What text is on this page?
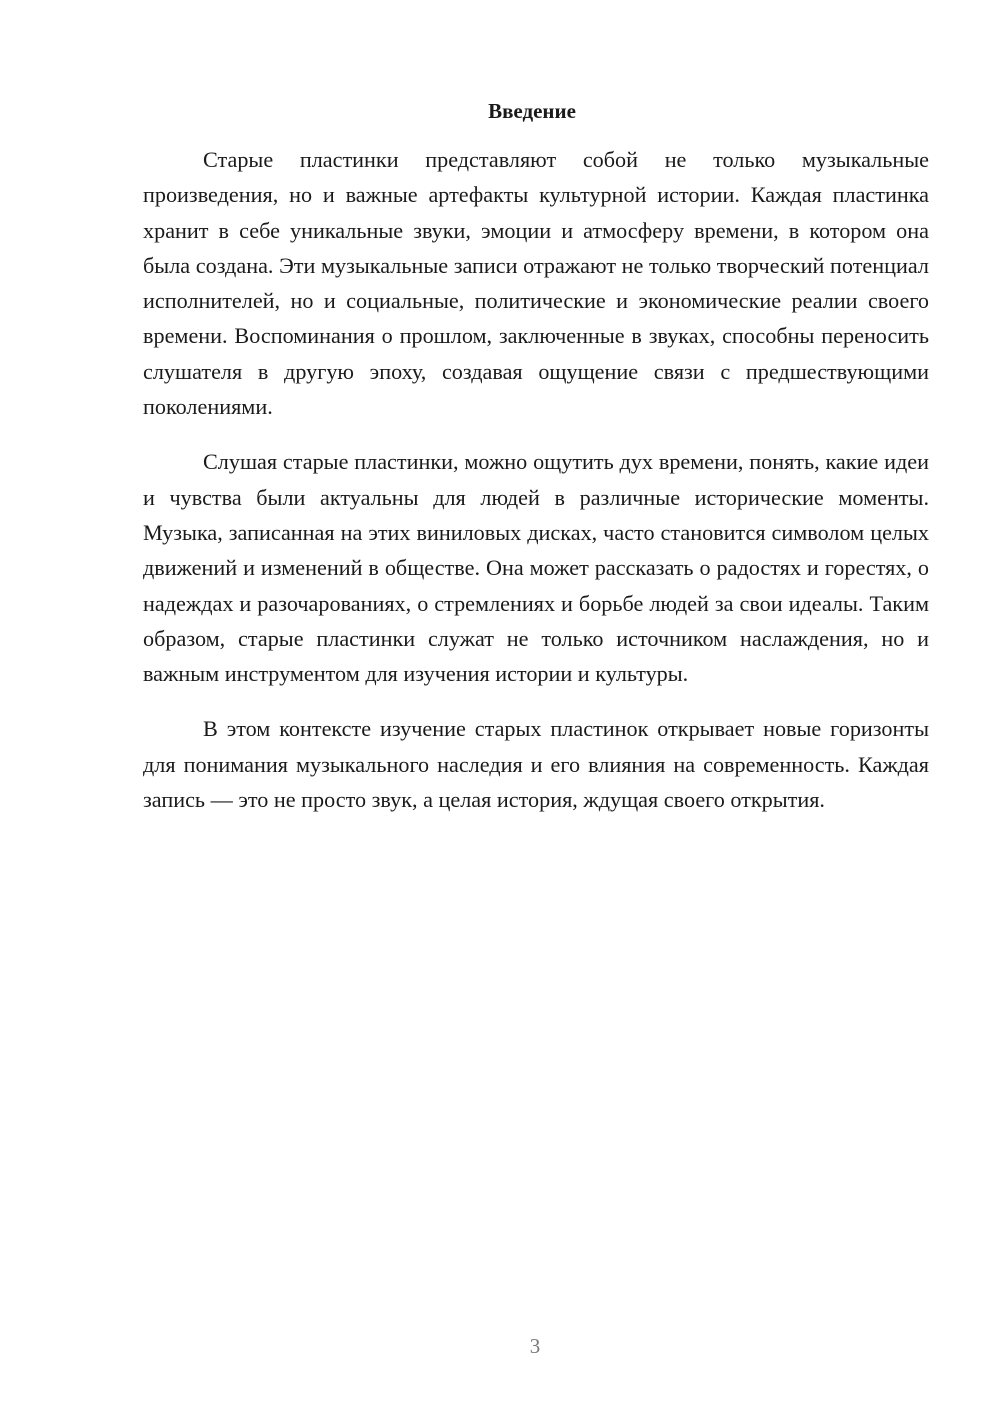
Введение

Старые пластинки представляют собой не только музыкальные произведения, но и важные артефакты культурной истории. Каждая пластинка хранит в себе уникальные звуки, эмоции и атмосферу времени, в котором она была создана. Эти музыкальные записи отражают не только творческий потенциал исполнителей, но и социальные, политические и экономические реалии своего времени. Воспоминания о прошлом, заключенные в звуках, способны переносить слушателя в другую эпоху, создавая ощущение связи с предшествующими поколениями.

Слушая старые пластинки, можно ощутить дух времени, понять, какие идеи и чувства были актуальны для людей в различные исторические моменты. Музыка, записанная на этих виниловых дисках, часто становится символом целых движений и изменений в обществе. Она может рассказать о радостях и горестях, о надеждах и разочарованиях, о стремлениях и борьбе людей за свои идеалы. Таким образом, старые пластинки служат не только источником наслаждения, но и важным инструментом для изучения истории и культуры.

В этом контексте изучение старых пластинок открывает новые горизонты для понимания музыкального наследия и его влияния на современность. Каждая запись — это не просто звук, а целая история, ждущая своего открытия.

3
